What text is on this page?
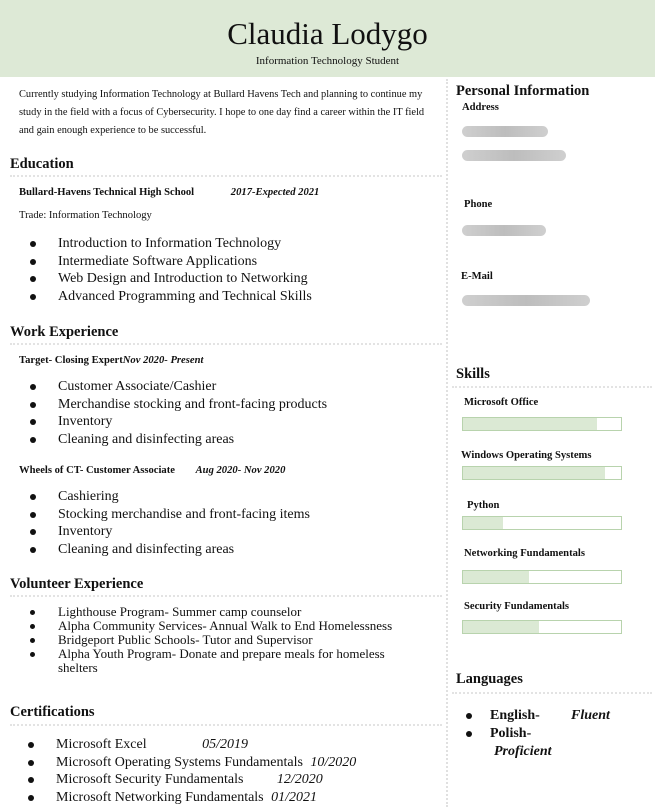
Claudia Lodygo
Information Technology Student
Currently studying Information Technology at Bullard Havens Tech and planning to continue my study in the field with a focus of Cybersecurity. I hope to one day find a career within the IT field and gain enough experience to be successful.
Education
Bullard-Havens Technical High School	2017-Expected 2021
Trade: Information Technology
Introduction to Information Technology
Intermediate Software Applications
Web Design and Introduction to Networking
Advanced Programming and Technical Skills
Work Experience
Target- Closing ExpertNov 2020- Present
Customer Associate/Cashier
Merchandise stocking and front-facing products
Inventory
Cleaning and disinfecting areas
Wheels of CT- Customer Associate Aug 2020- Nov 2020
Cashiering
Stocking merchandise and front-facing items
Inventory
Cleaning and disinfecting areas
Volunteer Experience
Lighthouse Program- Summer camp counselor
Alpha Community Services- Annual Walk to End Homelessness
Bridgeport Public Schools- Tutor and Supervisor
Alpha Youth Program- Donate and prepare meals for homeless shelters
Certifications
Microsoft Excel	05/2019
Microsoft Operating Systems Fundamentals 10/2020
Microsoft Security Fundamentals 12/2020
Microsoft Networking Fundamentals 01/2021
Personal Information
Address
Phone
E-Mail
Skills
Microsoft Office
Windows Operating Systems
Python
Networking Fundamentals
Security Fundamentals
Languages
English- Fluent
Polish-
Proficient
